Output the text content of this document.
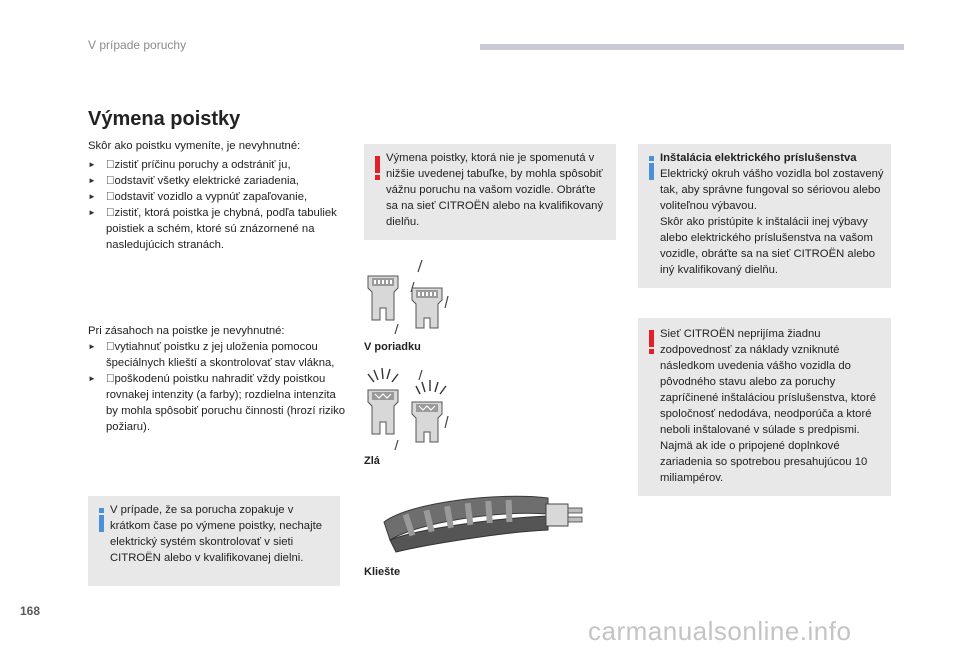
V prípade poruchy
Výmena poistky
Skôr ako poistku vymeníte, je nevyhnutné:
► zistiť príčinu poruchy a odstrániť ju,
► odstaviť všetky elektrické zariadenia,
► odstaviť vozidlo a vypnúť zapaľovanie,
► zistiť, ktorá poistka je chybná, podľa tabuliek poistiek a schém, ktoré sú znázornené na nasledujúcich stranách.
Pri zásahoch na poistke je nevyhnutné:
► vytiahnuť poistku z jej uloženia pomocou špeciálnych klieští a skontrolovať stav vlákna,
► poškodenú poistku nahradiť vždy poistkou rovnakej intenzity (a farby); rozdielna intenzita by mohla spôsobiť poruchu činnosti (hrozí riziko požiaru).
V prípade, že sa porucha zopakuje v krátkom čase po výmene poistky, nechajte elektrický systém skontrolovať v sieti CITROËN alebo v kvalifikovanej dielni.
Výmena poistky, ktorá nie je spomenutá v nižšie uvedenej tabuľke, by mohla spôsobiť vážnu poruchu na vašom vozidle. Obráťte sa na sieť CITROËN alebo na kvalifikovaný dielňu.
V poriadku
Zlá
Kliešte
Inštalácia elektrického príslušenstva
Elektrický okruh vášho vozidla bol zostavený tak, aby správne fungoval so sériovou alebo voliteľnou výbavou.
Skôr ako pristúpite k inštalácii inej výbavy alebo elektrického príslušenstva na vašom vozidle, obráťte sa na sieť CITROËN alebo iný kvalifikovaný dielňu.
Sieť CITROËN neprijíma žiadnu zodpovednosť za náklady vzniknuté následkom uvedenia vášho vozidla do pôvodného stavu alebo za poruchy zapríčinené inštaláciou príslušenstva, ktoré spoločnosť nedodáva, neodporúča a ktoré neboli inštalované v súlade s predpismi. Najmä ak ide o pripojené doplnkové zariadenia so spotrebou presahujúcou 10 miliampérov.
168
carmanualsonline.info
